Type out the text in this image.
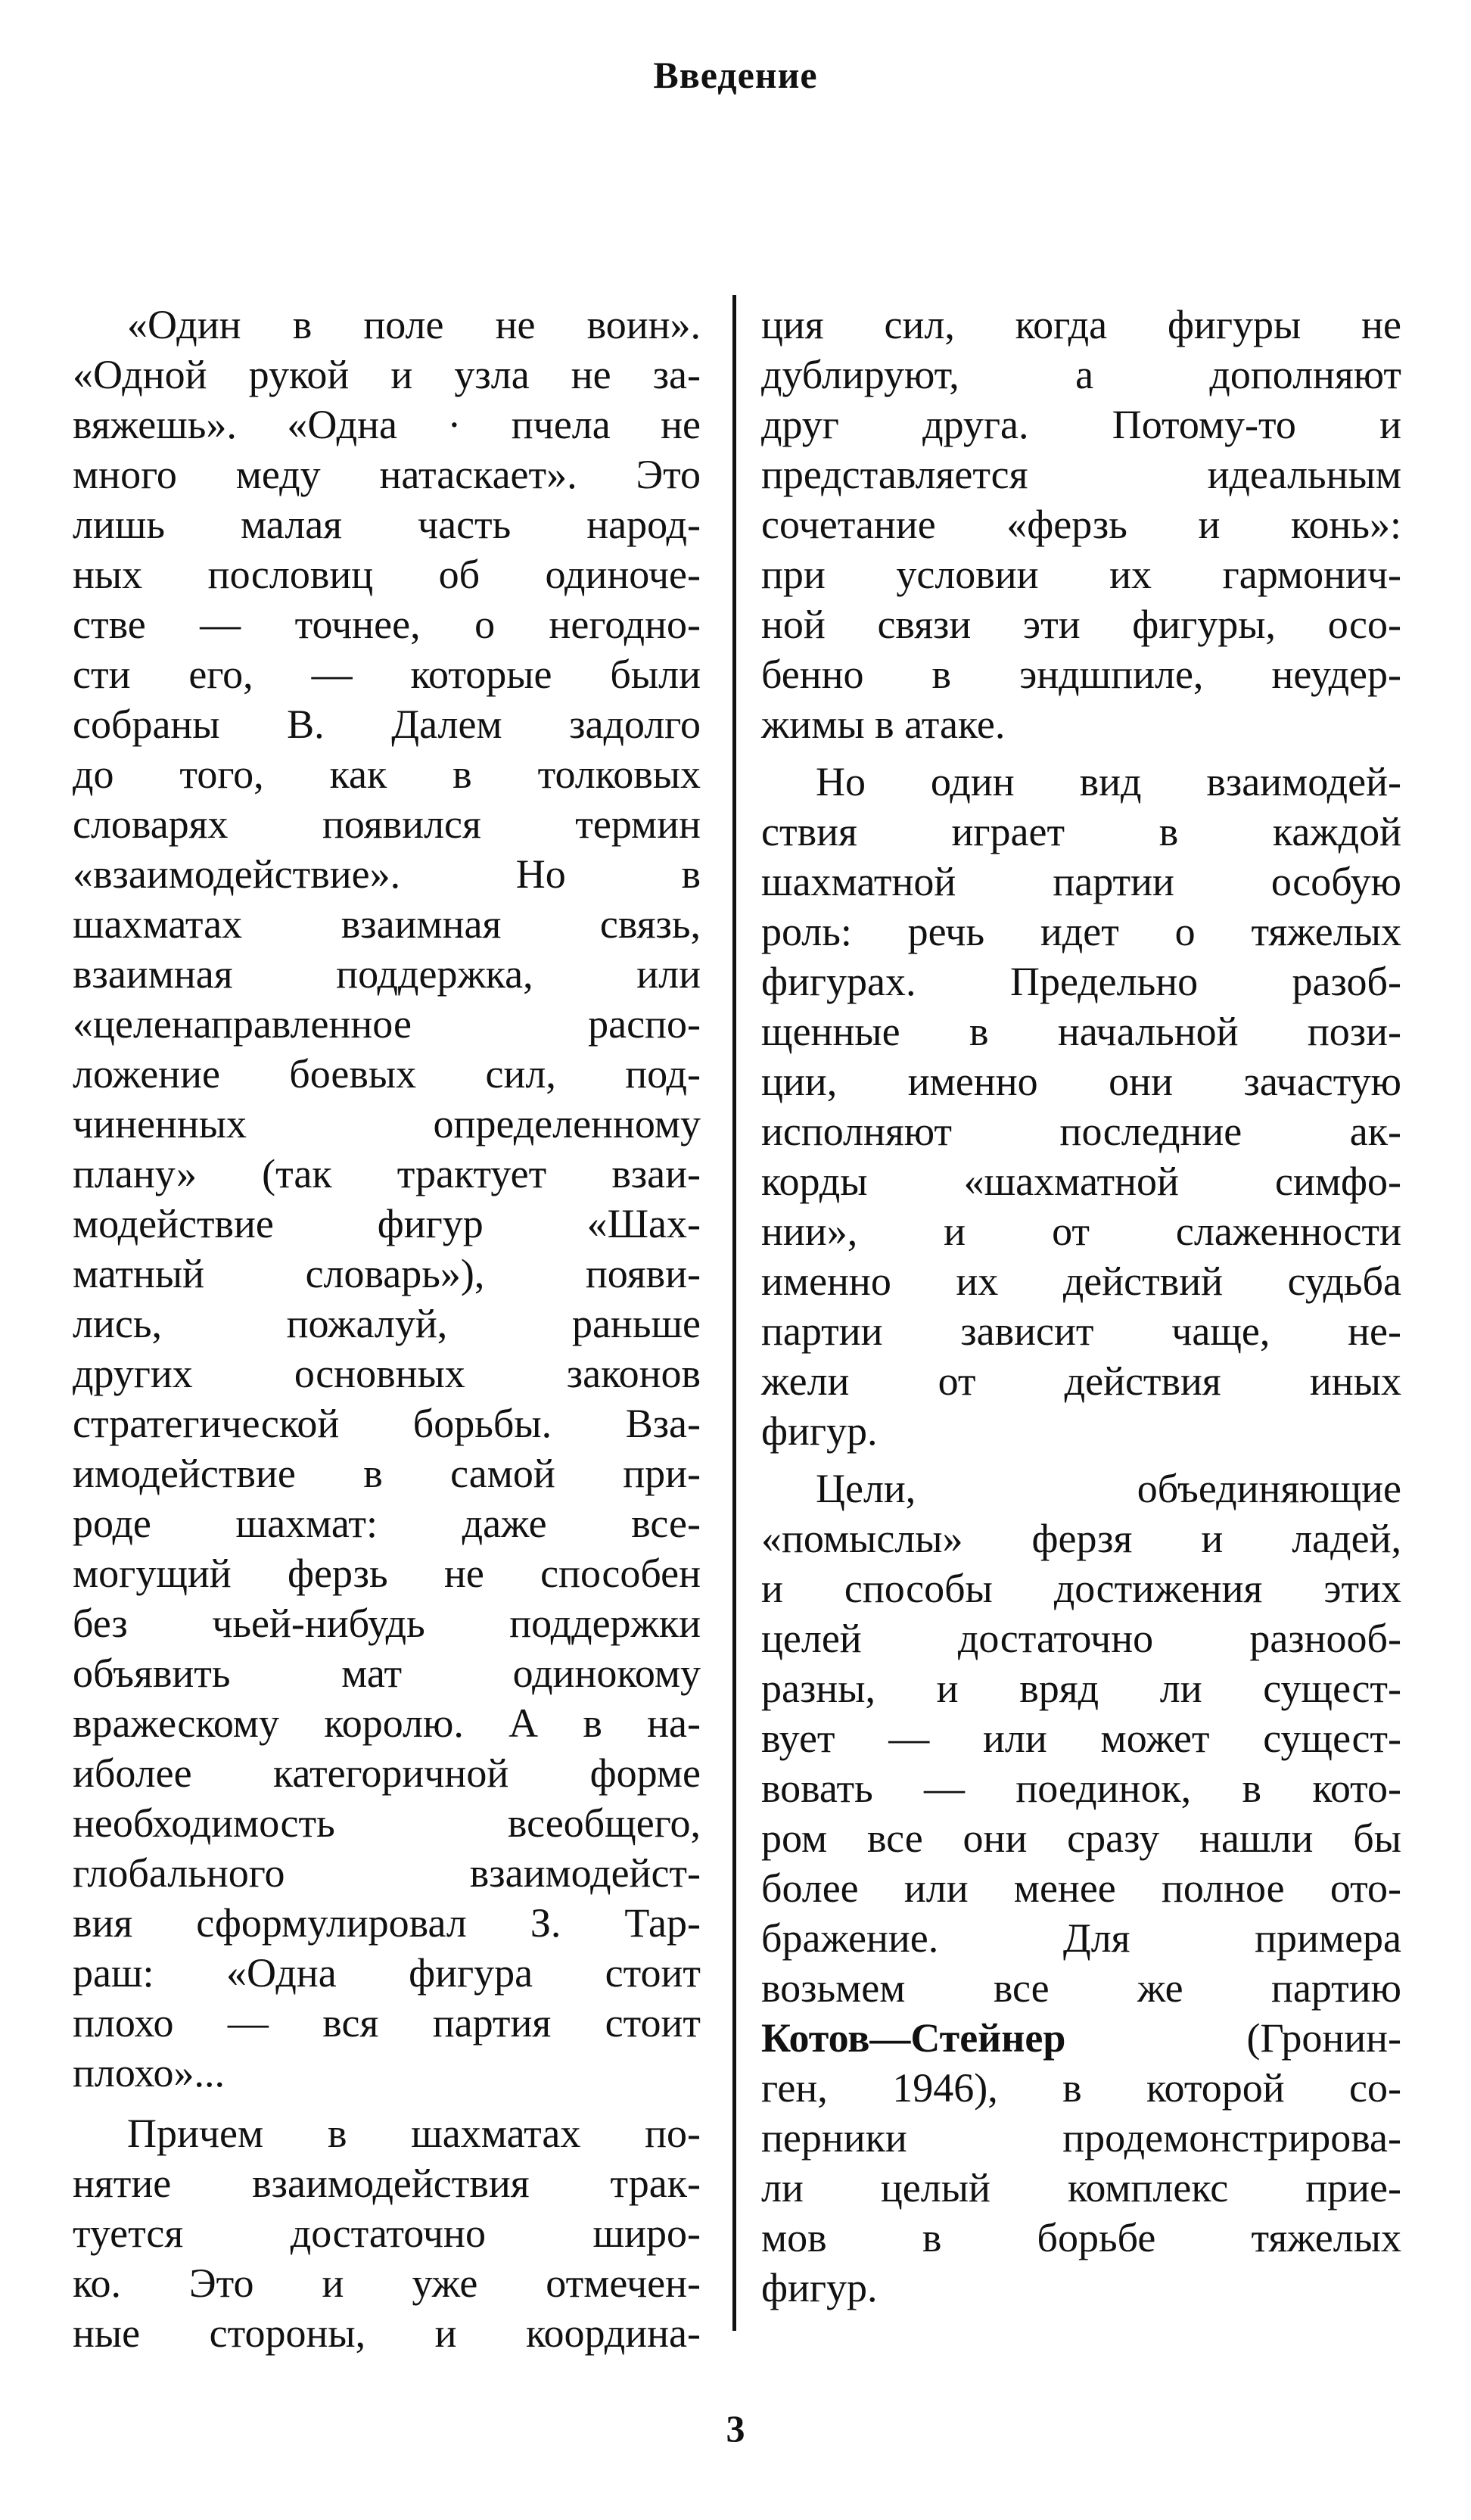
Введение
«Один в поле не воин».
«Одной рукой и узла не за-
вяжешь». «Одна · пчела не
много меду натаскает». Это
лишь малая часть народ-
ных пословиц об одиноче-
стве — точнее, о негодно-
сти его, — которые были
собраны В. Далем задолго
до того, как в толковых
словарях появился термин
«взаимодействие». Но в
шахматах взаимная связь,
взаимная поддержка, или
«целенаправленное распо-
ложение боевых сил, под-
чиненных определенному
плану» (так трактует взаи-
модействие фигур «Шах-
матный словарь»), появи-
лись, пожалуй, раньше
других основных законов
стратегической борьбы. Вза-
имодействие в самой при-
роде шахмат: даже все-
могущий ферзь не способен
без чьей-нибудь поддержки
объявить мат одинокому
вражескому королю. А в на-
иболее категоричной форме
необходимость всеобщего,
глобального взаимодейст-
вия сформулировал З. Тар-
раш: «Одна фигура стоит
плохо — вся партия стоит
плохо»...
Причем в шахматах по-
нятие взаимодействия трак-
туется достаточно широ-
ко. Это и уже отмечен-
ные стороны, и координа-
ция сил, когда фигуры не
дублируют, а дополняют
друг друга. Потому-то и
представляется идеальным
сочетание «ферзь и конь»:
при условии их гармонич-
ной связи эти фигуры, осо-
бенно в эндшпиле, неудер-
жимы в атаке.
Но один вид взаимодей-
ствия играет в каждой
шахматной партии особую
роль: речь идет о тяжелых
фигурах. Предельно разоб-
щенные в начальной пози-
ции, именно они зачастую
исполняют последние ак-
корды «шахматной симфо-
нии», и от слаженности
именно их действий судьба
партии зависит чаще, не-
жели от действия иных
фигур.
Цели, объединяющие
«помыслы» ферзя и ладей,
и способы достижения этих
целей достаточно разнооб-
разны, и вряд ли сущест-
вует — или может сущест-
вовать — поединок, в кото-
ром все они сразу нашли бы
более или менее полное ото-
бражение. Для примера
возьмем все же партию
Котов—Стейнер	(Гронин-
ген, 1946), в которой со-
перники продемонстрирова-
ли целый комплекс прие-
мов в борьбе тяжелых
фигур.
3
